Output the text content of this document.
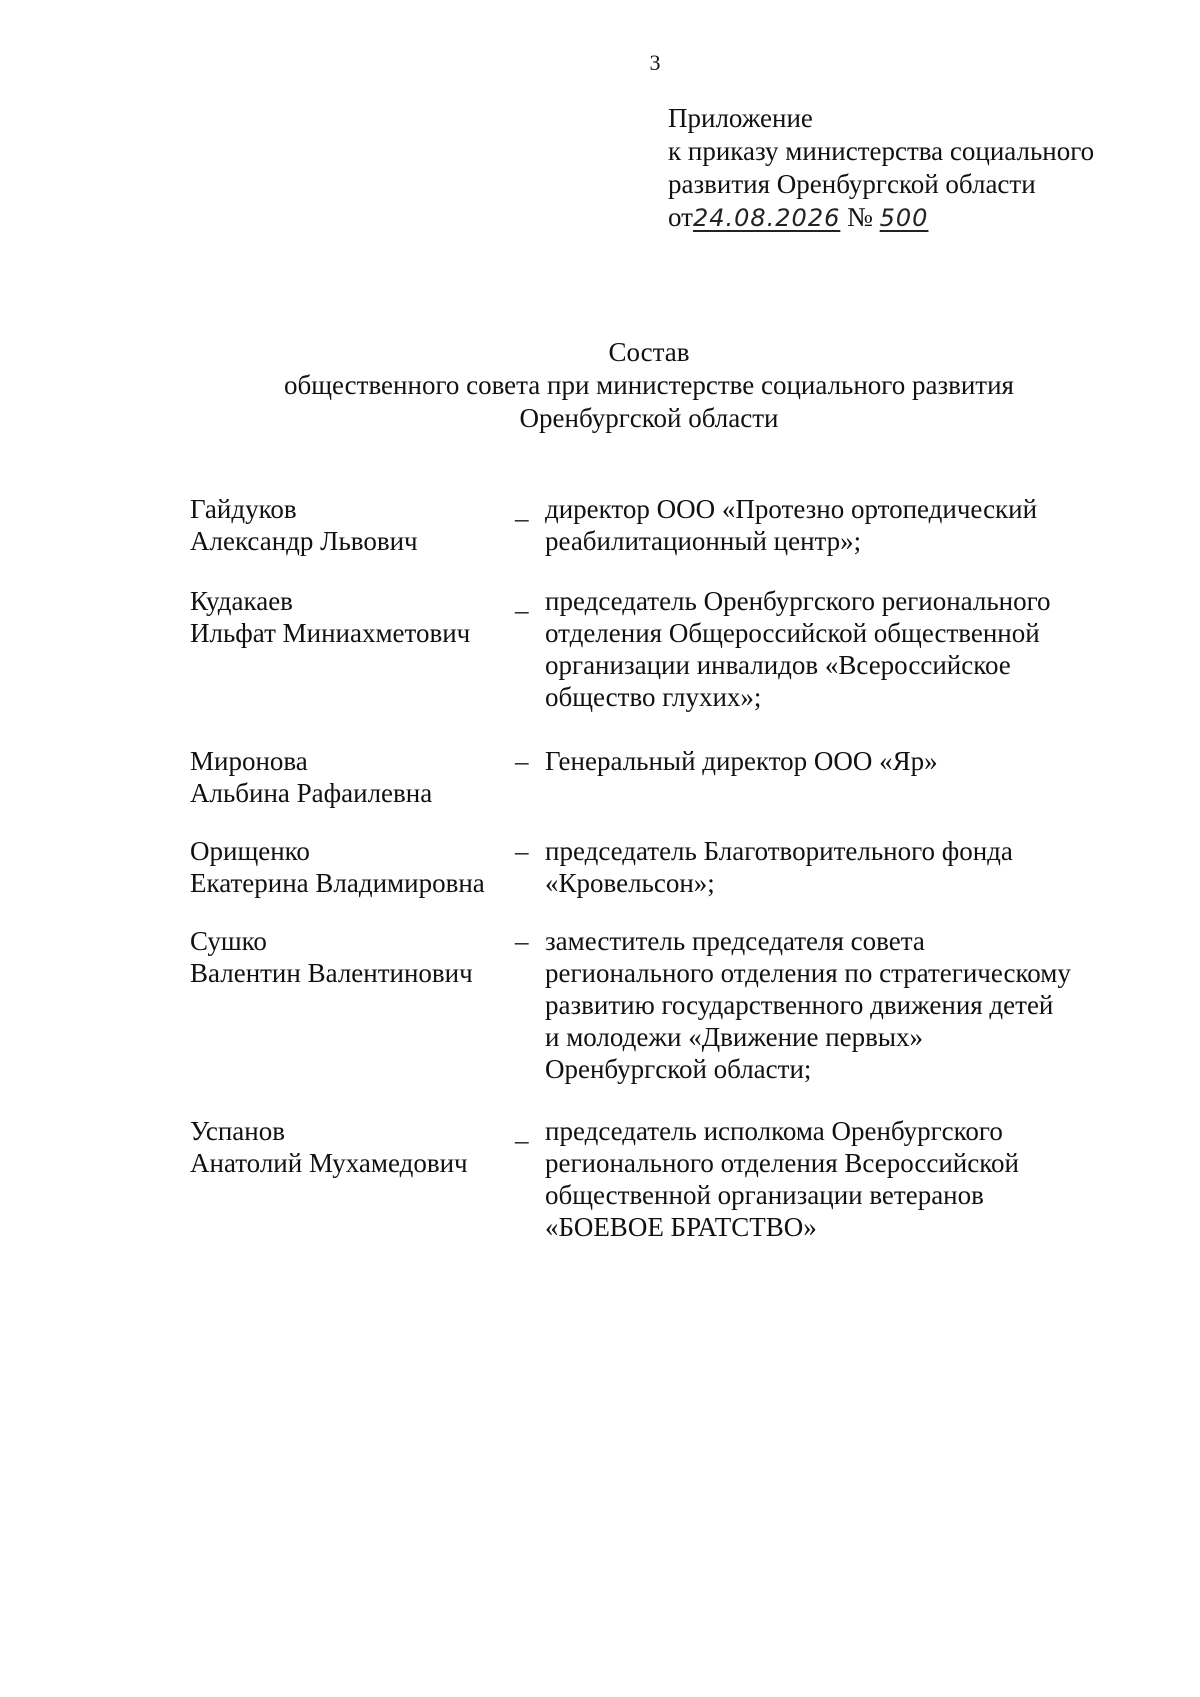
3
Приложение
к приказу министерства социального
развития Оренбургской области
от24.08.2026 № 500
Состав
общественного совета при министерстве социального развития
Оренбургской области
Гайдуков
Александр Львович
_ директор ООО «Протезно ортопедический
реабилитационный центр»;
Кудакаев
Ильфат Миниахметович
_ председатель Оренбургского регионального
отделения Общероссийской общественной
организации инвалидов «Всероссийское
общество глухих»;
Миронова
Альбина Рафаилевна
– Генеральный директор ООО «Яр»
Орищенко
Екатерина Владимировна
– председатель Благотворительного фонда
«Кровельсон»;
Сушко
Валентин Валентинович
– заместитель председателя совета
регионального отделения по стратегическому
развитию государственного движения детей
и молодежи «Движение первых»
Оренбургской области;
Успанов
Анатолий Мухамедович
_ председатель исполкома Оренбургского
регионального отделения Всероссийской
общественной организации ветеранов
«БОЕВОЕ БРАТСТВО»
